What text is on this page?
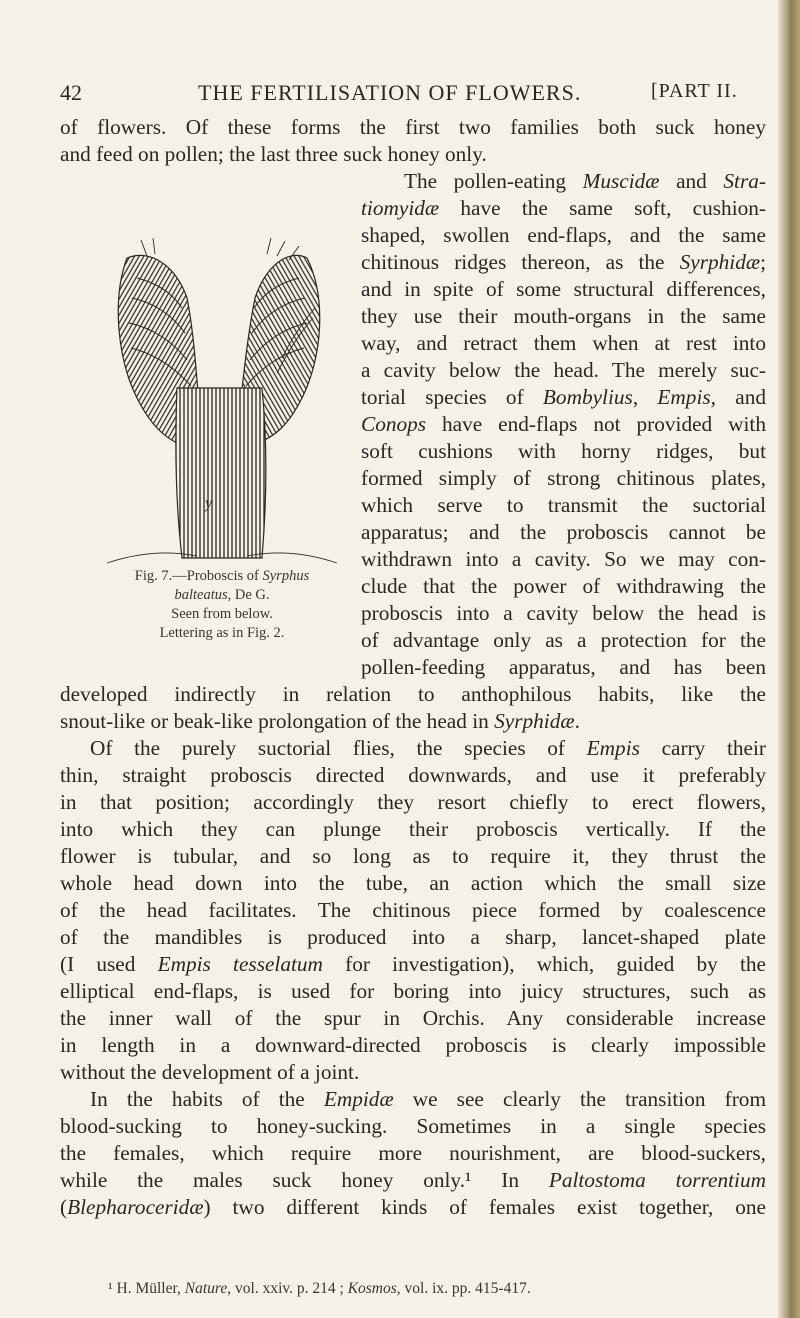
42	THE FERTILISATION OF FLOWERS.	[PART II.
y
Fig. 7.—Proboscis of Syrphus
balteatus, De G.
Seen from below.
Lettering as in Fig. 2.
of flowers. Of these forms the first two families both suck honey
and feed on pollen; the last three suck honey only.
The pollen-eating Muscidæ and Stra-
tiomyidæ have the same soft, cushion-
shaped, swollen end-flaps, and the same
chitinous ridges thereon, as the Syrphidæ;
and in spite of some structural differences,
they use their mouth-organs in the same
way, and retract them when at rest into
a cavity below the head. The merely suc-
torial species of Bombylius, Empis, and
Conops have end-flaps not provided with
soft cushions with horny ridges, but
formed simply of strong chitinous plates,
which serve to transmit the suctorial
apparatus; and the proboscis cannot be
withdrawn into a cavity. So we may con-
clude that the power of withdrawing the
proboscis into a cavity below the head is
of advantage only as a protection for the
pollen-feeding apparatus, and has been
developed indirectly in relation to anthophilous habits, like the
snout-like or beak-like prolongation of the head in Syrphidæ.
Of the purely suctorial flies, the species of Empis carry their
thin, straight proboscis directed downwards, and use it preferably
in that position; accordingly they resort chiefly to erect flowers,
into which they can plunge their proboscis vertically. If the
flower is tubular, and so long as to require it, they thrust the
whole head down into the tube, an action which the small size
of the head facilitates. The chitinous piece formed by coalescence
of the mandibles is produced into a sharp, lancet-shaped plate
(I used Empis tesselatum for investigation), which, guided by the
elliptical end-flaps, is used for boring into juicy structures, such as
the inner wall of the spur in Orchis. Any considerable increase
in length in a downward-directed proboscis is clearly impossible
without the development of a joint.
In the habits of the Empidæ we see clearly the transition from
blood-sucking to honey-sucking. Sometimes in a single species
the females, which require more nourishment, are blood-suckers,
while the males suck honey only.¹ In Paltostoma torrentium
(Blepharoceridæ) two different kinds of females exist together, one
¹ H. Müller, Nature, vol. xxiv. p. 214 ; Kosmos, vol. ix. pp. 415-417.
